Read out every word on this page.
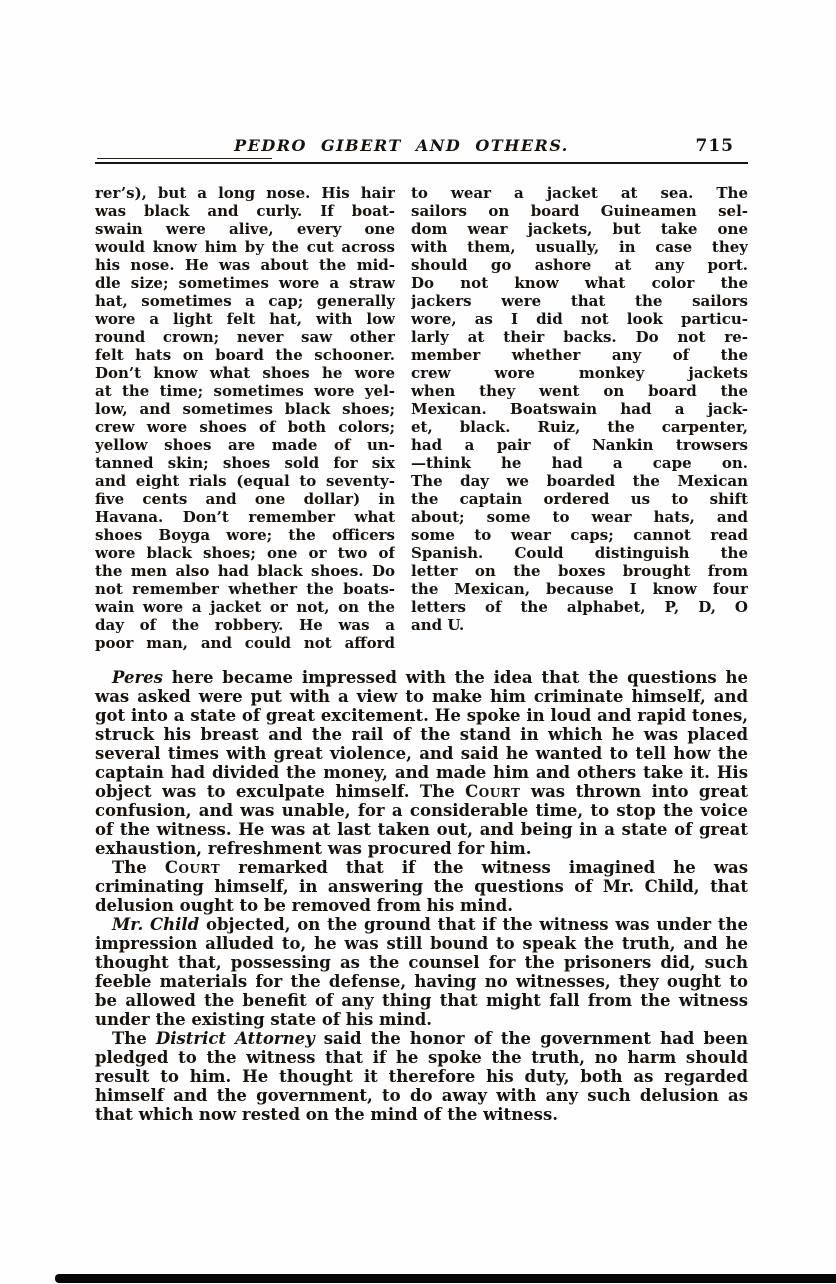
PEDRO GIBERT AND OTHERS.	715
rer’s), but a long nose. His hair
was black and curly. If boat-
swain were alive, every one
would know him by the cut across
his nose. He was about the mid-
dle size; sometimes wore a straw
hat, sometimes a cap; generally
wore a light felt hat, with low
round crown; never saw other
felt hats on board the schooner.
Don’t know what shoes he wore
at the time; sometimes wore yel-
low, and sometimes black shoes;
crew wore shoes of both colors;
yellow shoes are made of un-
tanned skin; shoes sold for six
and eight rials (equal to seventy-
five cents and one dollar) in
Havana. Don’t remember what
shoes Boyga wore; the officers
wore black shoes; one or two of
the men also had black shoes. Do
not remember whether the boats-
wain wore a jacket or not, on the
day of the robbery. He was a
poor man, and could not afford
to wear a jacket at sea. The
sailors on board Guineamen sel-
dom wear jackets, but take one
with them, usually, in case they
should go ashore at any port.
Do not know what color the
jackers were that the sailors
wore, as I did not look particu-
larly at their backs. Do not re-
member whether any of the
crew wore monkey jackets
when they went on board the
Mexican. Boatswain had a jack-
et, black. Ruiz, the carpenter,
had a pair of Nankin trowsers
—think he had a cape on.
The day we boarded the Mexican
the captain ordered us to shift
about; some to wear hats, and
some to wear caps; cannot read
Spanish. Could distinguish the
letter on the boxes brought from
the Mexican, because I know four
letters of the alphabet, P, D, O
and U.

Peres here became impressed with the idea that the questions he was asked were put with a view to make him criminate himself, and got into a state of great excitement. He spoke in loud and rapid tones, struck his breast and the rail of the stand in which he was placed several times with great violence, and said he wanted to tell how the captain had divided the money, and made him and others take it. His object was to exculpate himself. The Court was thrown into great confusion, and was unable, for a considerable time, to stop the voice of the witness. He was at last taken out, and being in a state of great exhaustion, refreshment was procured for him.

The Court remarked that if the witness imagined he was criminating himself, in answering the questions of Mr. Child, that delusion ought to be removed from his mind.

Mr. Child objected, on the ground that if the witness was under the impression alluded to, he was still bound to speak the truth, and he thought that, possessing as the counsel for the prisoners did, such feeble materials for the defense, having no witnesses, they ought to be allowed the benefit of any thing that might fall from the witness under the existing state of his mind.

The District Attorney said the honor of the government had been pledged to the witness that if he spoke the truth, no harm should result to him. He thought it therefore his duty, both as regarded himself and the government, to do away with any such delusion as that which now rested on the mind of the witness.
